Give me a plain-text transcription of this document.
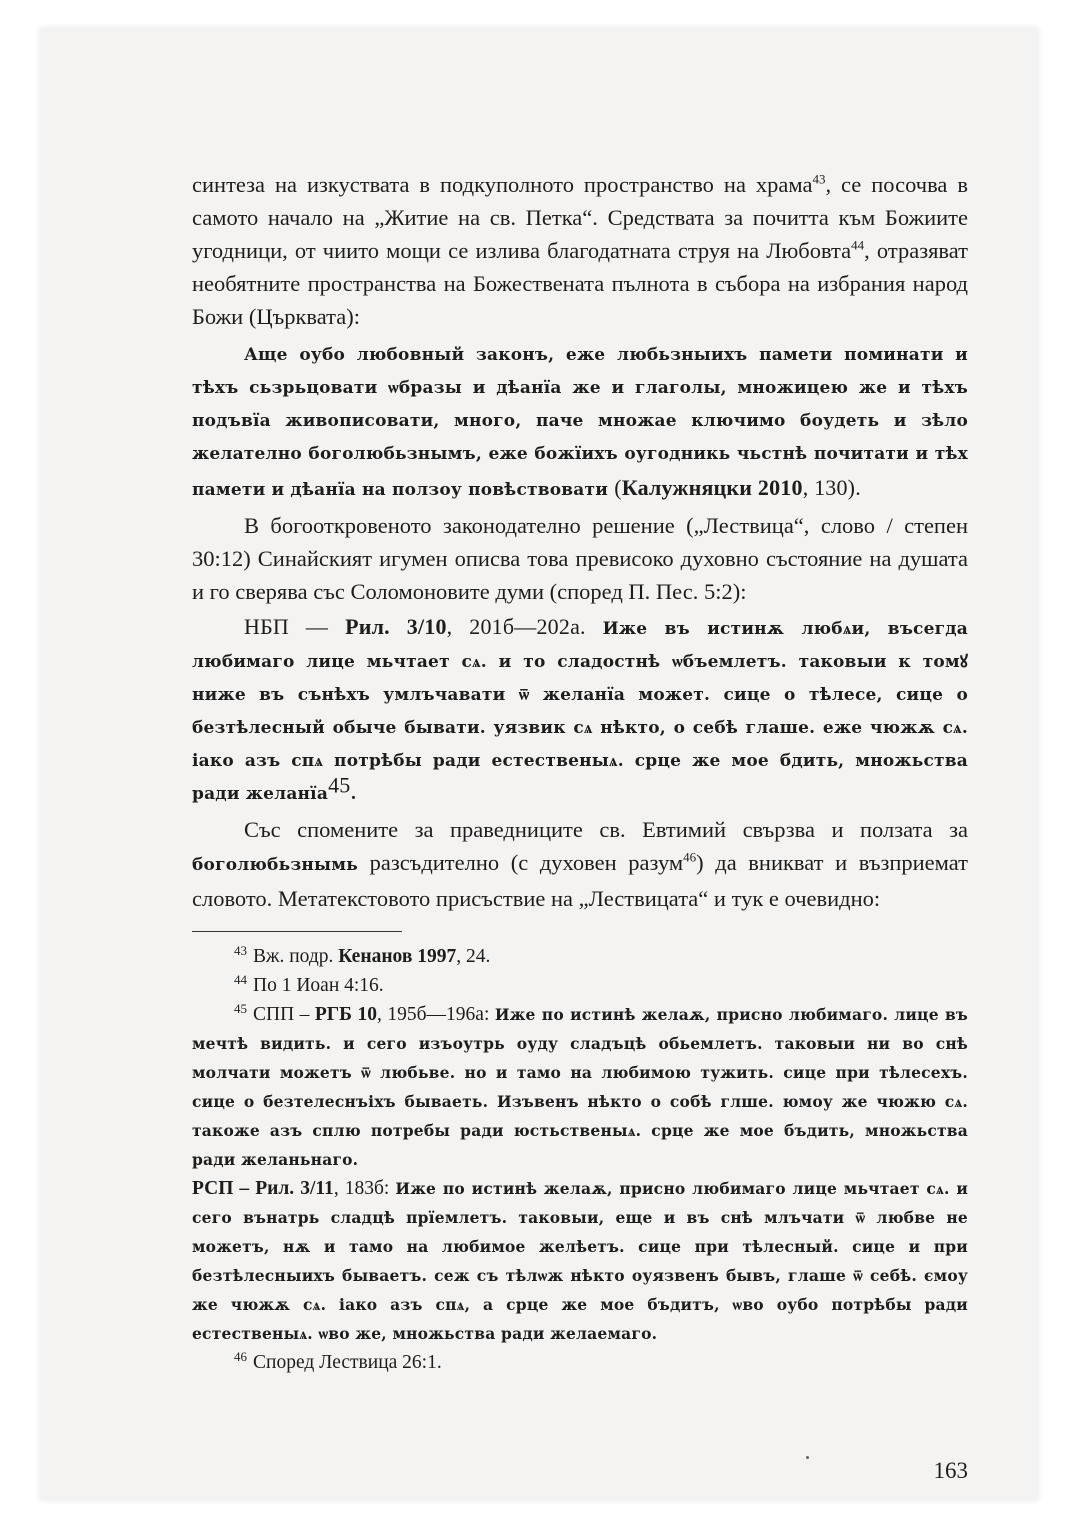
синтеза на изкуствата в подкуполното пространство на храма$^{43}$, се посочва в самото начало на „Житие на св. Петка“. Средствата за почитта към Божиите угодници, от чиито мощи се излива благодатната струя на Любовта$^{44}$, отразяват необятните пространства на Божествената пълнота в събора на избрания народ Божи (Църквата):

Аще оубо любовный законъ, еже любьзныихъ памети поминати и тѣхъ сьзрьцовати ѡбразы и дѣанїа же и глаголы, множицею же и тѣхъ подъвїа живописовати, много, паче множае ключимо боудеть и зѣло желателно боголюбьзнымъ, еже божїихъ оугодникь чьстнѣ почитати и тѣх памети и дѣанїа на ползоу повѣствовати (Калужняцки 2010, 130).

В богооткровеното законодателно решение („Лествица“, слово / степен 30:12) Синайският игумен описва това превисоко духовно състояние на душата и го сверява със Соломоновите думи (според П. Пес. 5:2):

НБП — Рил. 3/10, 201б—202а. Иже въ истинѫ любѧи, въсегда любимаго лице мьчтает сѧ. и то сладостнѣ ѡбъемлетъ. таковыи к томꙋ ниже въ сънѣхъ умлъчавати ѿ желанїа может. сице о тѣлесе, сице о безтѣлесный обыче бывати. уязвик сѧ нѣкто, о себѣ глаше. еже чюжѫ сѧ. іако азъ спѧ потрѣбы ради естественыѧ. срце же мое бдить, множьства ради желанїа$^{45}$.

Със спомените за праведниците св. Евтимий свързва и ползата за боголюбьзнымь разсъдително (с духовен разум$^{46}$) да вникват и възприемат словото. Метатекстовото присъствие на „Лествицата“ и тук е очевидно:

$^{43}$ Вж. подр. Кенанов 1997, 24.

$^{44}$ По 1 Иоан 4:16.

$^{45}$ СПП – РГБ 10, 195б—196а: Иже по истинѣ желаѫ, присно любимаго. лице въ мечтѣ видить. и сего изъоутрь оуду сладъцѣ обьемлетъ. таковыи ни во снѣ молчати можетъ ѿ любьве. но и тамо на любимою тужить. сице при тѣлесехъ. сице о безтелеснъіхъ бываеть. Изъвенъ нѣкто о собѣ глше. юмоу же чюжю сѧ. такоже азъ сплю потребы ради юстьственыѧ. срце же мое бъдить, множьства ради желаньнаго.
РСП – Рил. 3/11, 183б: Иже по истинѣ желаѫ, присно любимаго лице мьчтает сѧ. и сего вънатрь сладцѣ прїемлетъ. таковыи, еще и въ снѣ млъчати ѿ любве не можетъ, нѫ и тамо на любимое желѣетъ. сице при тѣлесный. сице и при безтѣлесныихъ бываетъ. сеж съ тѣлѡж нѣкто оуязвенъ бывъ, глаше ѿ себѣ. ємоу же чюжѫ сѧ. іако азъ спѧ, а срце же мое бъдитъ, ѡво оубо потрѣбы ради естественыѧ. ѡво же, множьства ради желаемаго.

$^{46}$ Според Лествица 26:1.

163
